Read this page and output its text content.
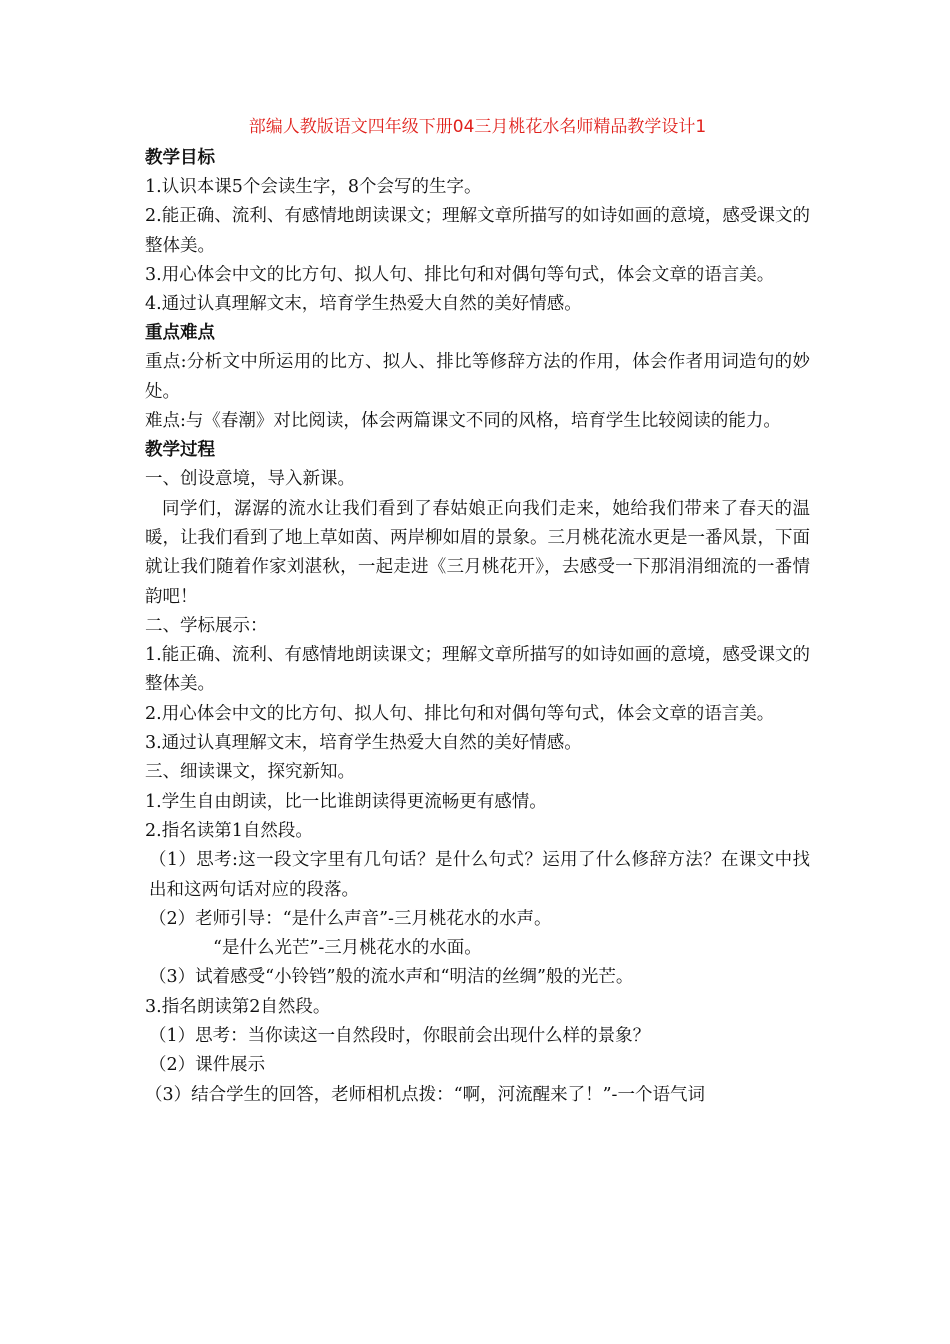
部编人教版语文四年级下册04三月桃花水名师精品教学设计1

教学目标

1.认识本课5个会读生字，8个会写的生字。

2.能正确、流利、有感情地朗读课文；理解文章所描写的如诗如画的意境，感受课文的整体美。

3.用心体会中文的比方句、拟人句、排比句和对偶句等句式，体会文章的语言美。

4.通过认真理解文末，培育学生热爱大自然的美好情感。

重点难点

重点:分析文中所运用的比方、拟人、排比等修辞方法的作用，体会作者用词造句的妙处。

难点:与《春潮》对比阅读，体会两篇课文不同的风格，培育学生比较阅读的能力。

教学过程

一、创设意境，导入新课。

同学们，潺潺的流水让我们看到了春姑娘正向我们走来，她给我们带来了春天的温暖，让我们看到了地上草如茵、两岸柳如眉的景象。三月桃花流水更是一番风景，下面就让我们随着作家刘湛秋，一起走进《三月桃花开》，去感受一下那涓涓细流的一番情韵吧！

二、学标展示：

1.能正确、流利、有感情地朗读课文；理解文章所描写的如诗如画的意境，感受课文的整体美。

2.用心体会中文的比方句、拟人句、排比句和对偶句等句式，体会文章的语言美。

3.通过认真理解文末，培育学生热爱大自然的美好情感。

三、细读课文，探究新知。

1.学生自由朗读，比一比谁朗读得更流畅更有感情。

2.指名读第1自然段。

（1）思考:这一段文字里有几句话？是什么句式？运用了什么修辞方法？在课文中找出和这两句话对应的段落。

（2）老师引导：“是什么声音”-三月桃花水的水声。

“是什么光芒”-三月桃花水的水面。

（3）试着感受“小铃铛”般的流水声和“明洁的丝绸”般的光芒。

3.指名朗读第2自然段。

（1）思考：当你读这一自然段时，你眼前会出现什么样的景象？

（2）课件展示

（3）结合学生的回答，老师相机点拨：“啊，河流醒来了！”-一个语气词
